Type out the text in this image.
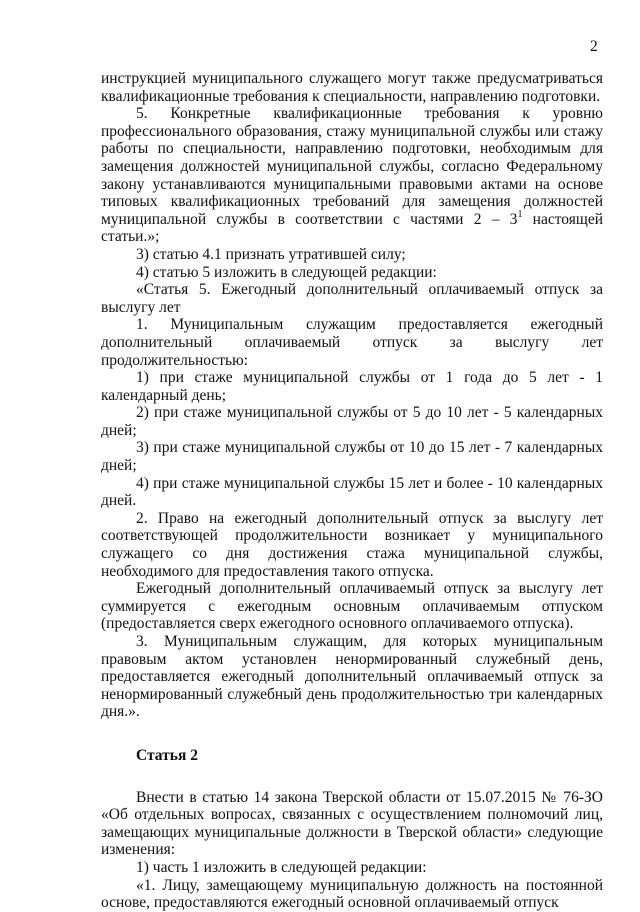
2

инструкцией муниципального служащего могут также предусматриваться квалификационные требования к специальности, направлению подготовки.

5. Конкретные квалификационные требования к уровню профессионального образования, стажу муниципальной службы или стажу работы по специальности, направлению подготовки, необходимым для замещения должностей муниципальной службы, согласно Федеральному закону устанавливаются муниципальными правовыми актами на основе типовых квалификационных требований для замещения должностей муниципальной службы в соответствии с частями $2 - 3^1$ настоящей статьи.»;

3) статью 4.1 признать утратившей силу;

4) статью 5 изложить в следующей редакции:

«Статья 5. Ежегодный дополнительный оплачиваемый отпуск за выслугу лет

1. Муниципальным служащим предоставляется ежегодный дополнительный оплачиваемый отпуск за выслугу лет продолжительностью:

1) при стаже муниципальной службы от 1 года до 5 лет - 1 календарный день;

2) при стаже муниципальной службы от 5 до 10 лет - 5 календарных дней;

3) при стаже муниципальной службы от 10 до 15 лет - 7 календарных дней;

4) при стаже муниципальной службы 15 лет и более - 10 календарных дней.

2. Право на ежегодный дополнительный отпуск за выслугу лет соответствующей продолжительности возникает у муниципального служащего со дня достижения стажа муниципальной службы, необходимого для предоставления такого отпуска.

Ежегодный дополнительный оплачиваемый отпуск за выслугу лет суммируется с ежегодным основным оплачиваемым отпуском (предоставляется сверх ежегодного основного оплачиваемого отпуска).

3. Муниципальным служащим, для которых муниципальным правовым актом установлен ненормированный служебный день, предоставляется ежегодный дополнительный оплачиваемый отпуск за ненормированный служебный день продолжительностью три календарных дня.».

Статья 2

Внести в статью 14 закона Тверской области от 15.07.2015 № 76-ЗО «Об отдельных вопросах, связанных с осуществлением полномочий лиц, замещающих муниципальные должности в Тверской области» следующие изменения:

1) часть 1 изложить в следующей редакции:

«1. Лицу, замещающему муниципальную должность на постоянной основе, предоставляются ежегодный основной оплачиваемый отпуск
